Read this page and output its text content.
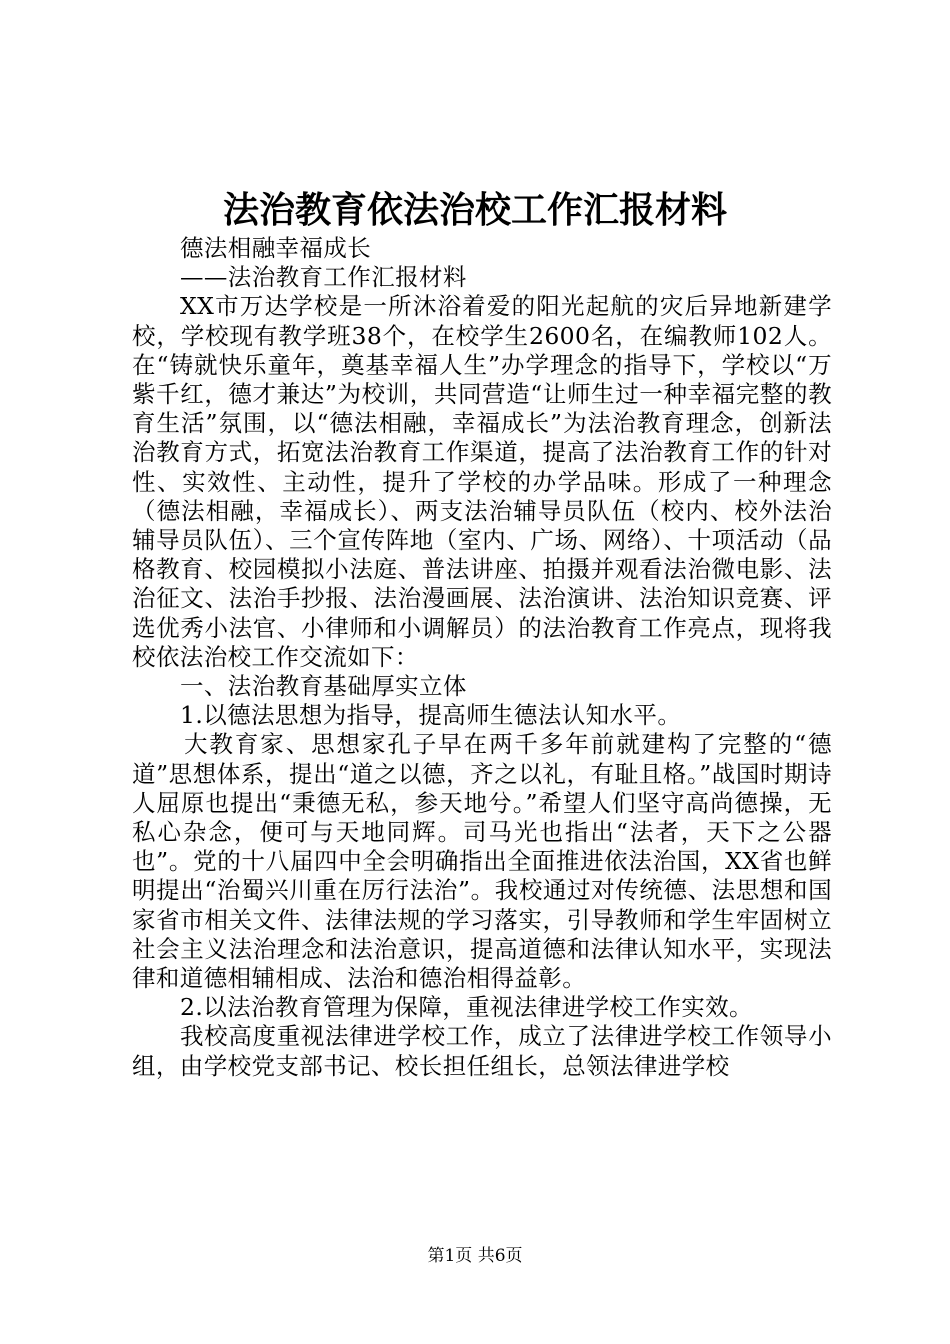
法治教育依法治校工作汇报材料

德法相融幸福成长

——法治教育工作汇报材料

XX市万达学校是一所沐浴着爱的阳光起航的灾后异地新建学校，学校现有教学班38个，在校学生2600名，在编教师102人。在“铸就快乐童年，奠基幸福人生”办学理念的指导下，学校以“万紫千红，德才兼达”为校训，共同营造“让师生过一种幸福完整的教育生活”氛围，以“德法相融，幸福成长”为法治教育理念，创新法治教育方式，拓宽法治教育工作渠道，提高了法治教育工作的针对性、实效性、主动性，提升了学校的办学品味。形成了一种理念（德法相融，幸福成长）、两支法治辅导员队伍（校内、校外法治辅导员队伍）、三个宣传阵地（室内、广场、网络）、十项活动（品格教育、校园模拟小法庭、普法讲座、拍摄并观看法治微电影、法治征文、法治手抄报、法治漫画展、法治演讲、法治知识竞赛、评选优秀小法官、小律师和小调解员）的法治教育工作亮点，现将我校依法治校工作交流如下：

一、法治教育基础厚实立体

1.以德法思想为指导，提高师生德法认知水平。

大教育家、思想家孔子早在两千多年前就建构了完整的“德道”思想体系，提出“道之以德，齐之以礼，有耻且格。”战国时期诗人屈原也提出“秉德无私，参天地兮。”希望人们坚守高尚德操，无私心杂念，便可与天地同辉。司马光也指出“法者，天下之公器也”。党的十八届四中全会明确指出全面推进依法治国，XX省也鲜明提出“治蜀兴川重在厉行法治”。我校通过对传统德、法思想和国家省市相关文件、法律法规的学习落实，引导教师和学生牢固树立社会主义法治理念和法治意识，提高道德和法律认知水平，实现法律和道德相辅相成、法治和德治相得益彰。

2.以法治教育管理为保障，重视法律进学校工作实效。

我校高度重视法律进学校工作，成立了法律进学校工作领导小组，由学校党支部书记、校长担任组长，总领法律进学校

第1页 共6页
